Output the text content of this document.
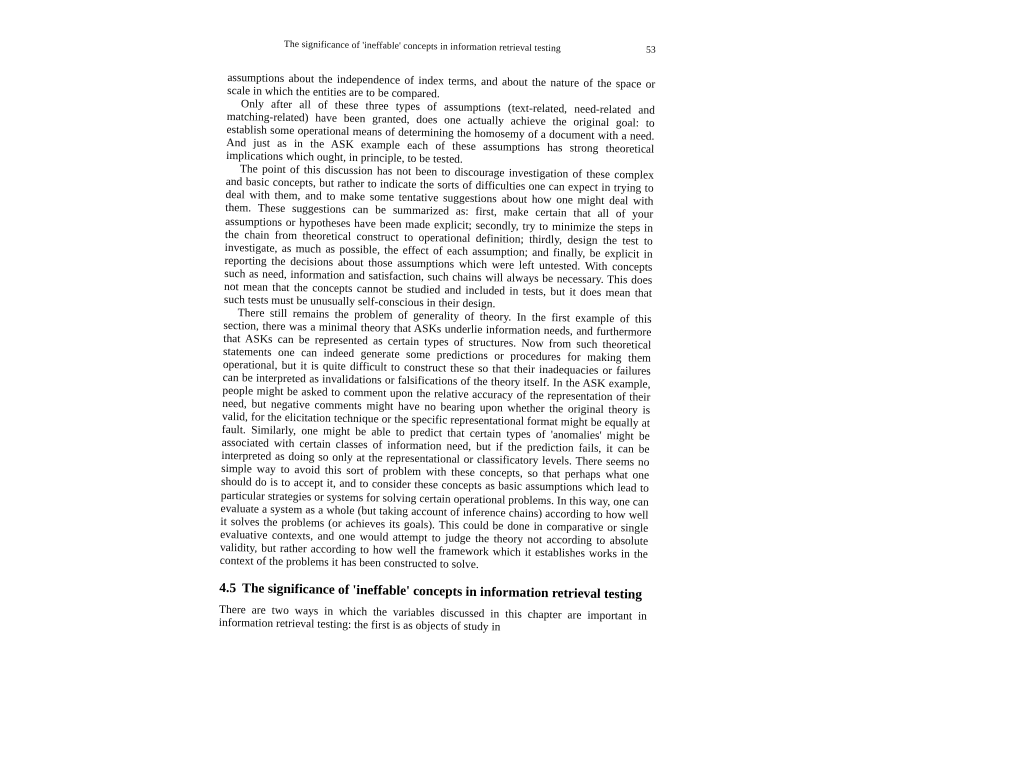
The significance of 'ineffable' concepts in information retrieval testing	53

assumptions about the independence of index terms, and about the nature of the space or scale in which the entities are to be compared.

Only after all of these three types of assumptions (text-related, need-related and matching-related) have been granted, does one actually achieve the original goal: to establish some operational means of determining the homosemy of a document with a need. And just as in the ASK example each of these assumptions has strong theoretical implications which ought, in principle, to be tested.

The point of this discussion has not been to discourage investigation of these complex and basic concepts, but rather to indicate the sorts of difficulties one can expect in trying to deal with them, and to make some tentative suggestions about how one might deal with them. These suggestions can be summarized as: first, make certain that all of your assumptions or hypotheses have been made explicit; secondly, try to minimize the steps in the chain from theoretical construct to operational definition; thirdly, design the test to investigate, as much as possible, the effect of each assumption; and finally, be explicit in reporting the decisions about those assumptions which were left untested. With concepts such as need, information and satisfaction, such chains will always be necessary. This does not mean that the concepts cannot be studied and included in tests, but it does mean that such tests must be unusually self-conscious in their design.

There still remains the problem of generality of theory. In the first example of this section, there was a minimal theory that ASKs underlie information needs, and furthermore that ASKs can be represented as certain types of structures. Now from such theoretical statements one can indeed generate some predictions or procedures for making them operational, but it is quite difficult to construct these so that their inadequacies or failures can be interpreted as invalidations or falsifications of the theory itself. In the ASK example, people might be asked to comment upon the relative accuracy of the representation of their need, but negative comments might have no bearing upon whether the original theory is valid, for the elicitation technique or the specific representational format might be equally at fault. Similarly, one might be able to predict that certain types of 'anomalies' might be associated with certain classes of information need, but if the prediction fails, it can be interpreted as doing so only at the representational or classificatory levels. There seems no simple way to avoid this sort of problem with these concepts, so that perhaps what one should do is to accept it, and to consider these concepts as basic assumptions which lead to particular strategies or systems for solving certain operational problems. In this way, one can evaluate a system as a whole (but taking account of inference chains) according to how well it solves the problems (or achieves its goals). This could be done in comparative or single evaluative contexts, and one would attempt to judge the theory not according to absolute validity, but rather according to how well the framework which it establishes works in the context of the problems it has been constructed to solve.

4.5 The significance of 'ineffable' concepts in information retrieval testing

There are two ways in which the variables discussed in this chapter are important in information retrieval testing: the first is as objects of study in
